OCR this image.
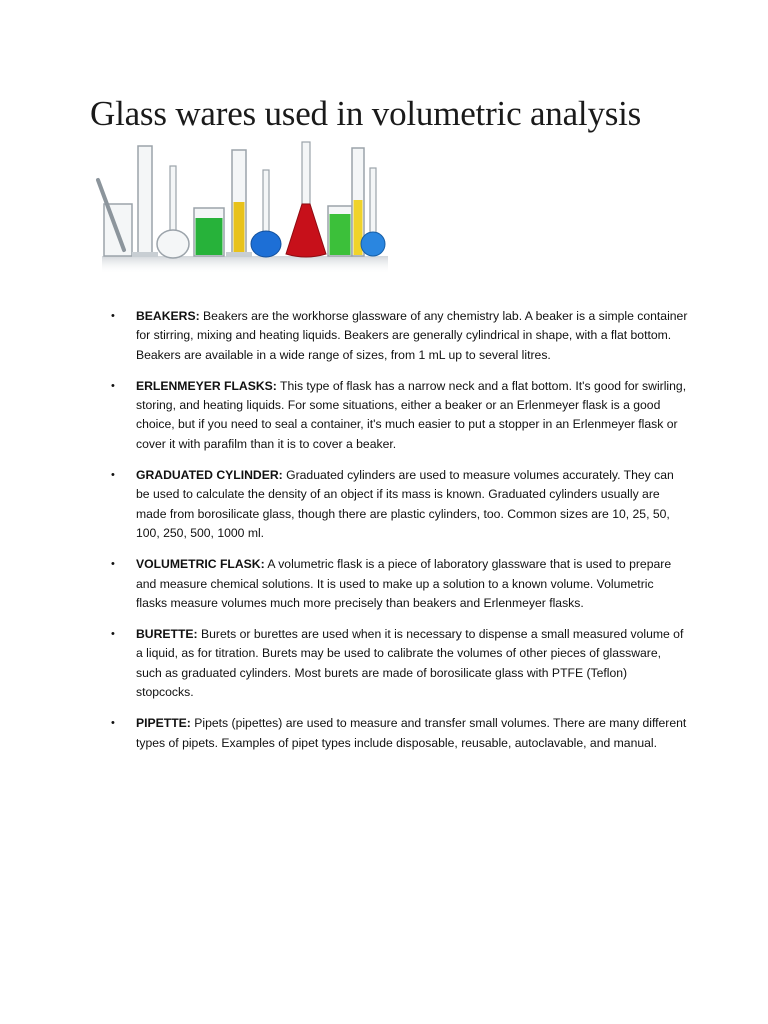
Glass wares used in volumetric analysis
• BEAKERS: Beakers are the workhorse glassware of any chemistry lab. A beaker is a simple container for stirring, mixing and heating liquids. Beakers are generally cylindrical in shape, with a flat bottom. Beakers are available in a wide range of sizes, from 1 mL up to several litres.
• ERLENMEYER FLASKS: This type of flask has a narrow neck and a flat bottom. It's good for swirling, storing, and heating liquids. For some situations, either a beaker or an Erlenmeyer flask is a good choice, but if you need to seal a container, it's much easier to put a stopper in an Erlenmeyer flask or cover it with parafilm than it is to cover a beaker.
• GRADUATED CYLINDER: Graduated cylinders are used to measure volumes accurately. They can be used to calculate the density of an object if its mass is known. Graduated cylinders usually are made from borosilicate glass, though there are plastic cylinders, too. Common sizes are 10, 25, 50, 100, 250, 500, 1000 ml.
• VOLUMETRIC FLASK: A volumetric flask is a piece of laboratory glassware that is used to prepare and measure chemical solutions. It is used to make up a solution to a known volume. Volumetric flasks measure volumes much more precisely than beakers and Erlenmeyer flasks.
• BURETTE: Burets or burettes are used when it is necessary to dispense a small measured volume of a liquid, as for titration. Burets may be used to calibrate the volumes of other pieces of glassware, such as graduated cylinders. Most burets are made of borosilicate glass with PTFE (Teflon) stopcocks.
• PIPETTE: Pipets (pipettes) are used to measure and transfer small volumes. There are many different types of pipets. Examples of pipet types include disposable, reusable, autoclavable, and manual.
